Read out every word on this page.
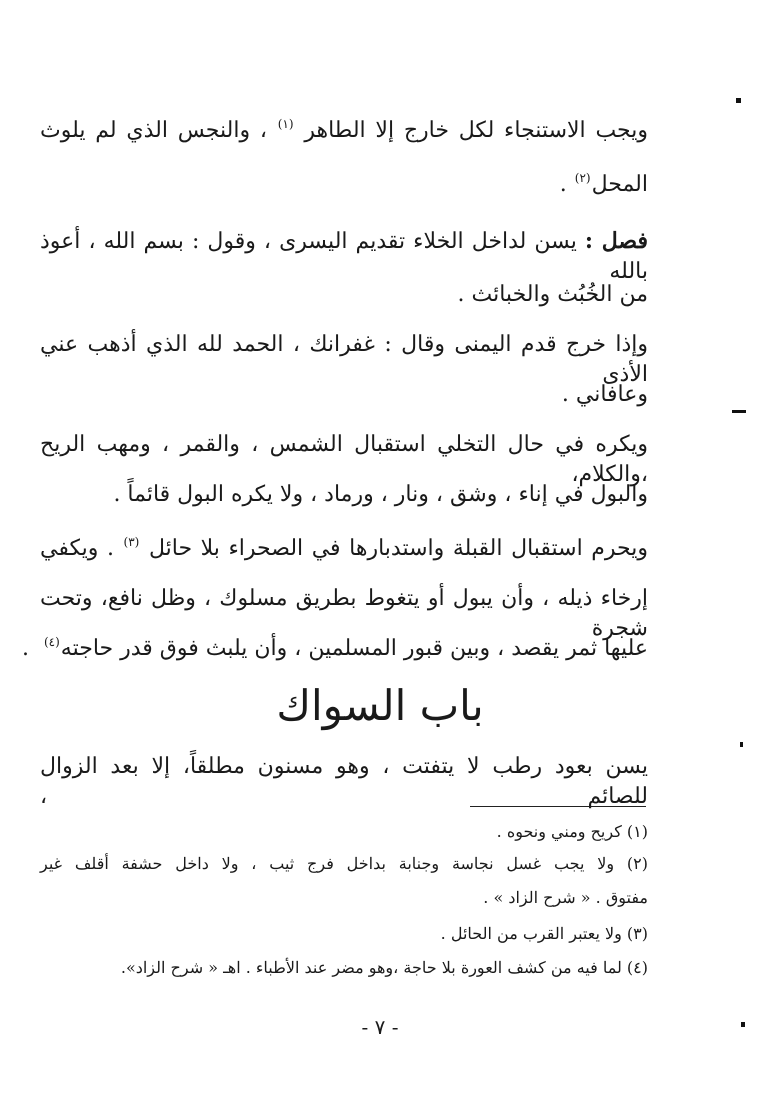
ويجب الاستنجاء لكل خارج إلا الطاهر $^{(١)}$ ، والنجس الذي لم يلوث

المحل$^{(٢)}$ .

فصل : يسن لداخل الخلاء تقديم اليسرى ، وقول : بسم الله ، أعوذ بالله

من الخُبُث والخبائث .

وإذا خرج قدم اليمنى وقال : غفرانك ، الحمد لله الذي أذهب عني الأذى

وعافاني .

ويكره في حال التخلي استقبال الشمس ، والقمر ، ومهب الريح ،والكلام،

والبول في إناء ، وشق ، ونار ، ورماد ، ولا يكره البول قائماً .

ويحرم استقبال القبلة واستدبارها في الصحراء بلا حائل $^{(٣)}$ . ويكفي

إرخاء ذيله ، وأن يبول أو يتغوط بطريق مسلوك ، وظل نافع، وتحت شجرة

عليها ثمر يقصد ، وبين قبور المسلمين ، وأن يلبث فوق قدر حاجته$^{(٤)}$  .

باب السواك

يسن بعود رطب لا يتفتت ، وهو مسنون مطلقاً، إلا بعد الزوال للصائم ،

(١) كريح ومني ونحوه .

(٢) ولا يجب غسل نجاسة وجنابة بداخل فرج ثيب ، ولا داخل حشفة أقلف غير

مفتوق . « شرح الزاد » .

(٣) ولا يعتبر القرب من الحائل .

(٤) لما فيه من كشف العورة بلا حاجة ،وهو مضر عند الأطباء . اهـ « شرح الزاد».

- ٧ -
